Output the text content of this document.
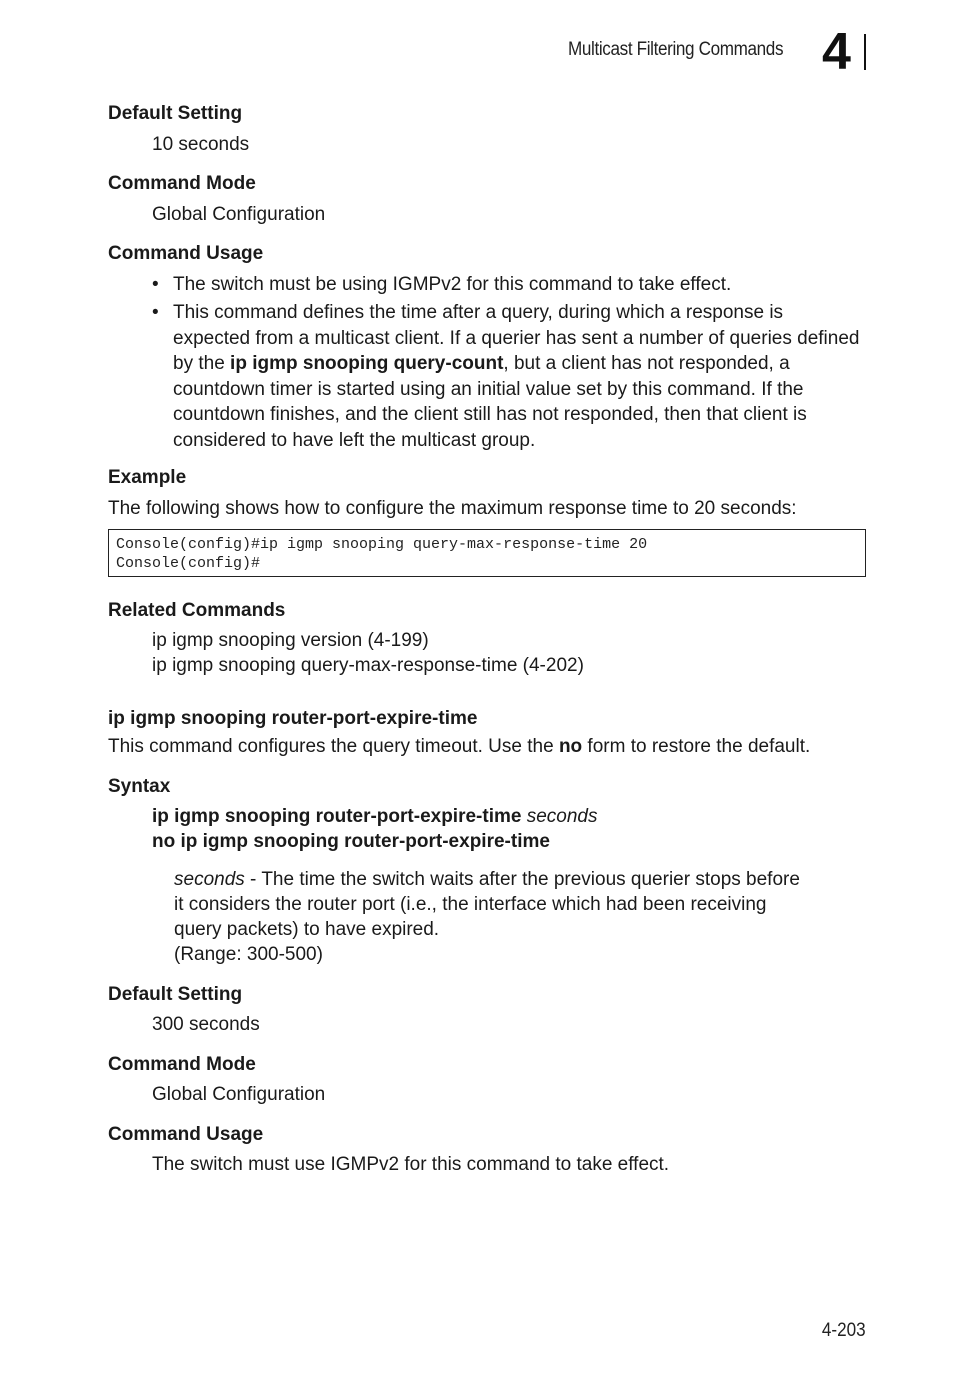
Multicast Filtering Commands 4
Default Setting
10 seconds
Command Mode
Global Configuration
Command Usage
• The switch must be using IGMPv2 for this command to take effect.
• This command defines the time after a query, during which a response is expected from a multicast client. If a querier has sent a number of queries defined by the ip igmp snooping query-count, but a client has not responded, a countdown timer is started using an initial value set by this command. If the countdown finishes, and the client still has not responded, then that client is considered to have left the multicast group.
Example
The following shows how to configure the maximum response time to 20 seconds:
Console(config)#ip igmp snooping query-max-response-time 20
Console(config)#
Related Commands
ip igmp snooping version (4-199)
ip igmp snooping query-max-response-time (4-202)
ip igmp snooping router-port-expire-time
This command configures the query timeout. Use the no form to restore the default.
Syntax
ip igmp snooping router-port-expire-time seconds
no ip igmp snooping router-port-expire-time
seconds - The time the switch waits after the previous querier stops before
it considers the router port (i.e., the interface which had been receiving
query packets) to have expired.
(Range: 300-500)
Default Setting
300 seconds
Command Mode
Global Configuration
Command Usage
The switch must use IGMPv2 for this command to take effect.
4-203
